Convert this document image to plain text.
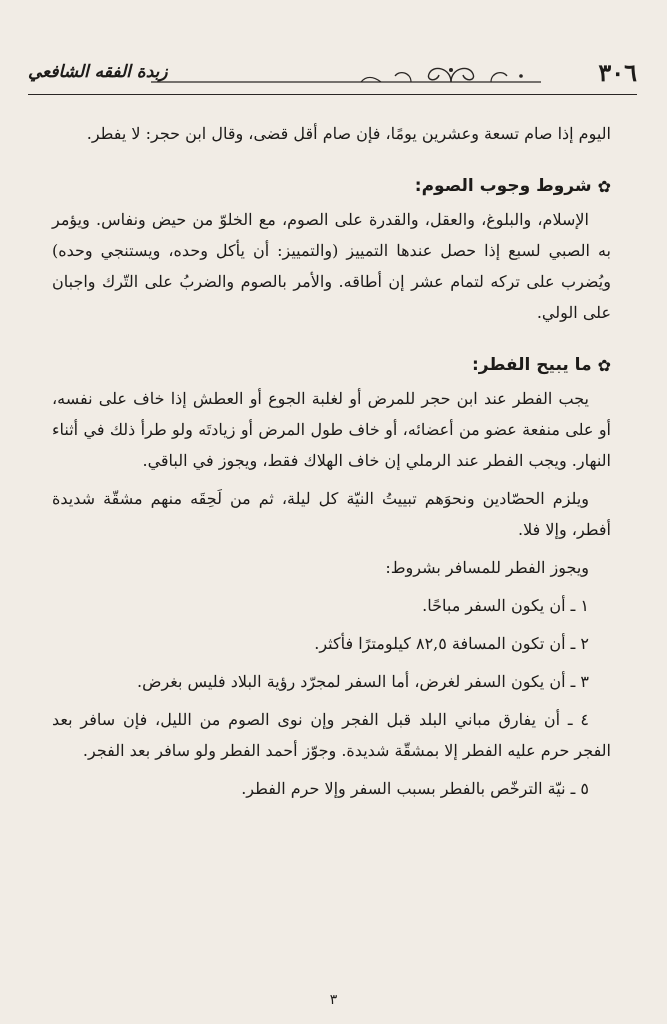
٣٠٦
زبدة الفقه الشافعي

اليوم إذا صام تسعة وعشرين يومًا، فإن صام أقل قضى، وقال ابن حجر: لا يفطر.

✿
شروط وجوب الصوم:

الإسلام، والبلوغ، والعقل، والقدرة على الصوم، مع الخلوّ من حيض ونفاس. ويؤمر به الصبي لسبع إذا حصل عندها التمييز (والتمييز: أن يأكل وحده، ويستنجي وحده) ويُضرب على تركه لتمام عشر إن أطاقه. والأمر بالصوم والضربُ على التّرك واجبان على الولي.

✿
ما يبيح الفطر:

يجب الفطر عند ابن حجر للمرض أو لغلبة الجوع أو العطش إذا خاف على نفسه، أو على منفعة عضو من أعضائه، أو خاف طول المرض أو زيادتَه ولو طرأ ذلك في أثناء النهار. ويجب الفطر عند الرملي إن خاف الهلاك فقط، ويجوز في الباقي.

ويلزم الحصّادين ونحوَهم تبييتُ النيّة كل ليلة، ثم من لَحِقَه منهم مشقّة شديدة أفطر، وإلا فلا.

ويجوز الفطر للمسافر بشروط:

١ ـ أن يكون السفر مباحًا.

٢ ـ أن تكون المسافة ٨٢,٥ كيلومترًا فأكثر.

٣ ـ أن يكون السفر لغرض، أما السفر لمجرّد رؤية البلاد فليس بغرض.

٤ ـ أن يفارق مباني البلد قبل الفجر وإن نوى الصوم من الليل، فإن سافر بعد الفجر حرم عليه الفطر إلا بمشقّة شديدة. وجوّز أحمد الفطر ولو سافر بعد الفجر.

٥ ـ نيّة الترخّص بالفطر بسبب السفر وإلا حرم الفطر.

٣
